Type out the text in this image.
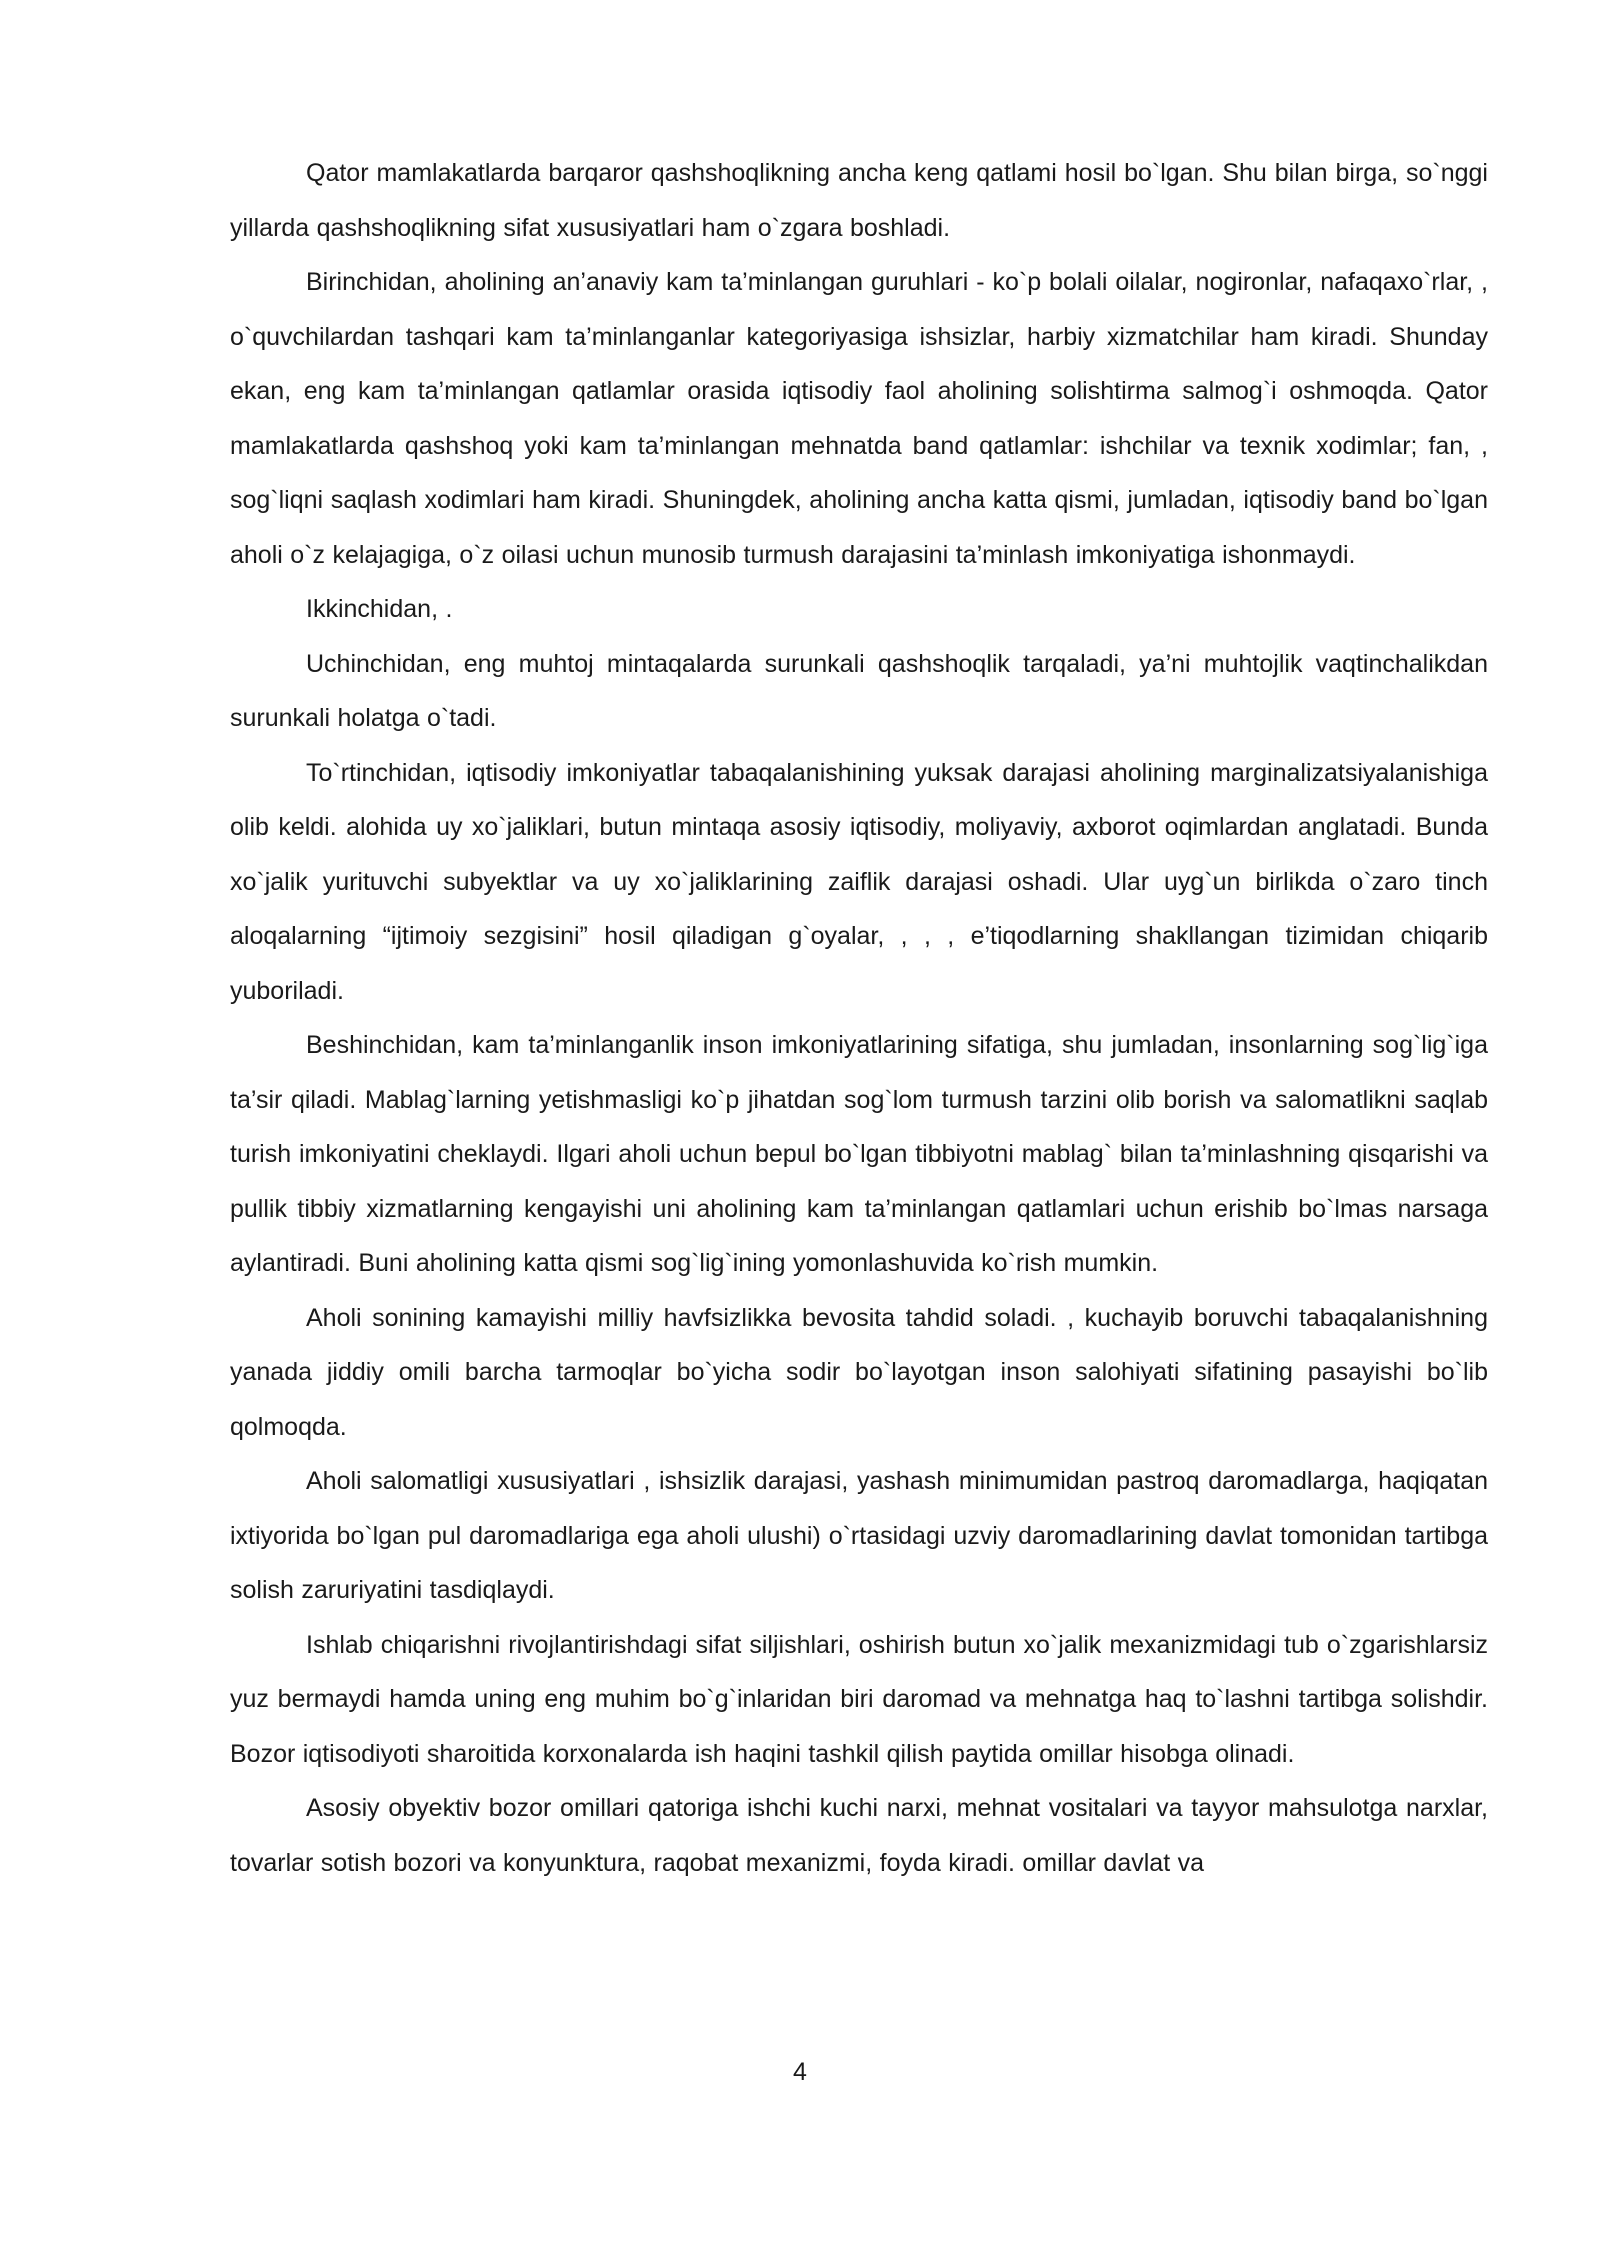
Qator mamlakatlarda barqaror qashshoqlikning ancha keng qatlami hosil bo`lgan. Shu bilan birga, so`nggi yillarda qashshoqlikning sifat xususiyatlari ham o`zgara boshladi.

Birinchidan, aholining an’anaviy kam ta’minlangan guruhlari - ko`p bolali oilalar, nogironlar, nafaqaxo`rlar, , o`quvchilardan tashqari kam ta’minlanganlar kategoriyasiga ishsizlar, harbiy xizmatchilar ham kiradi. Shunday ekan, eng kam ta’minlangan qatlamlar orasida iqtisodiy faol aholining solishtirma salmog`i oshmoqda. Qator mamlakatlarda qashshoq yoki kam ta’minlangan mehnatda band qatlamlar: ishchilar va texnik xodimlar; fan, , sog`liqni saqlash xodimlari ham kiradi. Shuningdek, aholining ancha katta qismi, jumladan, iqtisodiy band bo`lgan aholi o`z kelajagiga, o`z oilasi uchun munosib turmush darajasini ta’minlash imkoniyatiga ishonmaydi.

Ikkinchidan, .

Uchinchidan, eng muhtoj mintaqalarda surunkali qashshoqlik tarqaladi, ya’ni muhtojlik vaqtinchalikdan surunkali holatga o`tadi.

To`rtinchidan, iqtisodiy imkoniyatlar tabaqalanishining yuksak darajasi aholining marginalizatsiyalanishiga olib keldi. alohida uy xo`jaliklari, butun mintaqa asosiy iqtisodiy, moliyaviy, axborot oqimlardan anglatadi. Bunda xo`jalik yurituvchi subyektlar va uy xo`jaliklarining zaiflik darajasi oshadi. Ular uyg`un birlikda o`zaro tinch aloqalarning “ijtimoiy sezgisini” hosil qiladigan g`oyalar, , , , e’tiqodlarning shakllangan tizimidan chiqarib yuboriladi.

Beshinchidan, kam ta’minlanganlik inson imkoniyatlarining sifatiga, shu jumladan, insonlarning sog`lig`iga ta’sir qiladi. Mablag`larning yetishmasligi ko`p jihatdan sog`lom turmush tarzini olib borish va salomatlikni saqlab turish imkoniyatini cheklaydi. Ilgari aholi uchun bepul bo`lgan tibbiyotni mablag` bilan ta’minlashning qisqarishi va pullik tibbiy xizmatlarning kengayishi uni aholining kam ta’minlangan qatlamlari uchun erishib bo`lmas narsaga aylantiradi. Buni aholining katta qismi sog`lig`ining yomonlashuvida ko`rish mumkin.

Aholi sonining kamayishi milliy havfsizlikka bevosita tahdid soladi. , kuchayib boruvchi tabaqalanishning yanada jiddiy omili barcha tarmoqlar bo`yicha sodir bo`layotgan inson salohiyati sifatining pasayishi bo`lib qolmoqda.

Aholi salomatligi xususiyatlari , ishsizlik darajasi, yashash minimumidan pastroq daromadlarga, haqiqatan ixtiyorida bo`lgan pul daromadlariga ega aholi ulushi) o`rtasidagi uzviy daromadlarining davlat tomonidan tartibga solish zaruriyatini tasdiqlaydi.

Ishlab chiqarishni rivojlantirishdagi sifat siljishlari, oshirish butun xo`jalik mexanizmidagi tub o`zgarishlarsiz yuz bermaydi hamda uning eng muhim bo`g`inlaridan biri daromad va mehnatga haq to`lashni tartibga solishdir. Bozor iqtisodiyoti sharoitida korxonalarda ish haqini tashkil qilish paytida omillar hisobga olinadi.

Asosiy obyektiv bozor omillari qatoriga ishchi kuchi narxi, mehnat vositalari va tayyor mahsulotga narxlar, tovarlar sotish bozori va konyunktura, raqobat mexanizmi, foyda kiradi. omillar davlat va

4
